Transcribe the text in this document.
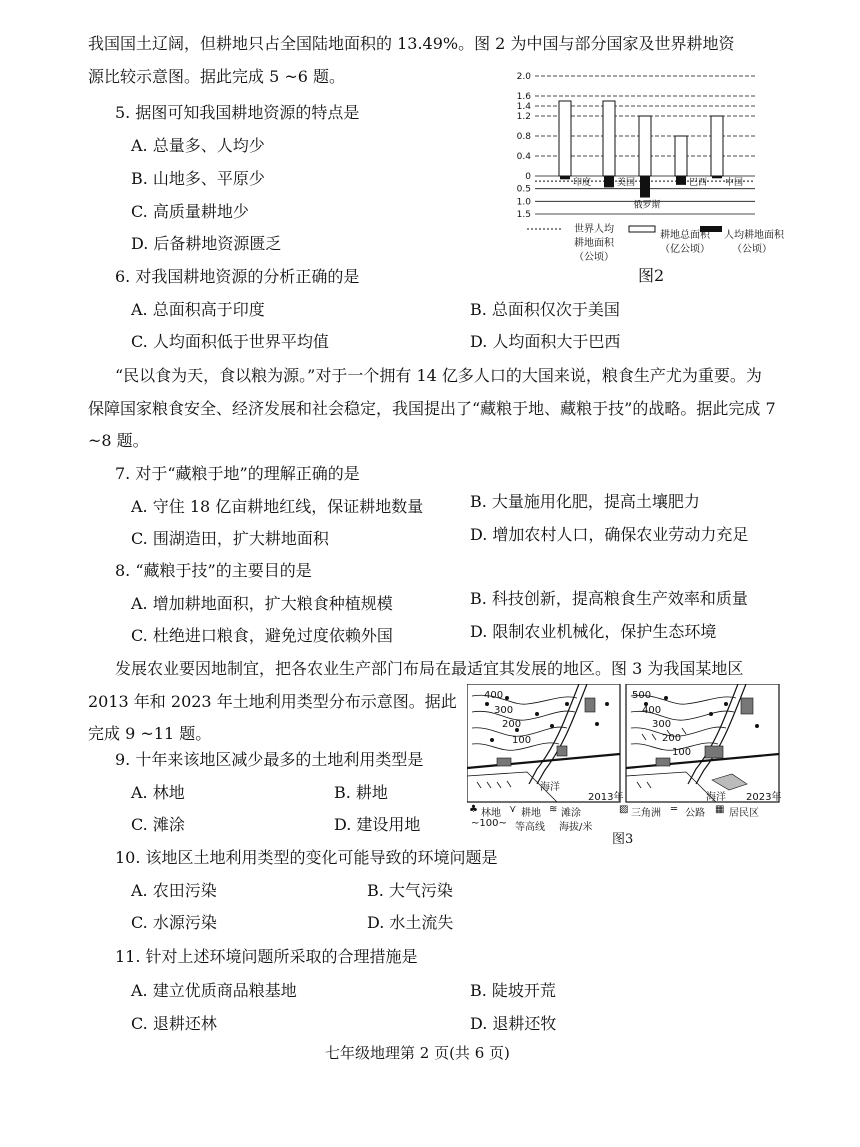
我国国土辽阔，但耕地只占全国陆地面积的 13.49%。图 2 为中国与部分国家及世界耕地资
源比较示意图。据此完成 5 ~6 题。
5. 据图可知我国耕地资源的特点是
A. 总量多、人均少
B. 山地多、平原少
C. 高质量耕地少
D. 后备耕地资源匮乏
2.0
1.6
1.4
1.2
0.8
0.4
0
0.5
1.0
1.5
印度	美国
俄罗斯
巴西 中国
世界人均
耕地面积
（公顷）
耕地总面积
（亿公顷）
人均耕地面积
（公顷）
图2
6. 对我国耕地资源的分析正确的是
A. 总面积高于印度	B. 总面积仅次于美国
C. 人均面积低于世界平均值	D. 人均面积大于巴西
“民以食为天，食以粮为源。”对于一个拥有 14 亿多人口的大国来说，粮食生产尤为重要。为
保障国家粮食安全、经济发展和社会稳定，我国提出了“藏粮于地、藏粮于技”的战略。据此完成 7
~8 题。
7. 对于“藏粮于地”的理解正确的是
A. 守住 18 亿亩耕地红线，保证耕地数量	B. 大量施用化肥，提高土壤肥力
C. 围湖造田，扩大耕地面积	D. 增加农村人口，确保农业劳动力充足
8. “藏粮于技”的主要目的是
A. 增加耕地面积，扩大粮食种植规模	B. 科技创新，提高粮食生产效率和质量
C. 杜绝进口粮食，避免过度依赖外国	D. 限制农业机械化，保护生态环境
发展农业要因地制宜，把各农业生产部门布局在最适宜其发展的地区。图 3 为我国某地区
2013 年和 2023 年土地利用类型分布示意图。据此
完成 9 ~11 题。
400
300
200
100
海洋
2013年
500
400
300
200
100
海洋 2023年
♣ 林地 ⋎ 耕地 ≋ 滩涂	▨ 三角洲 ═ 公路 ▦ 居民区
~100~ 等高线 海拔/米
图3
9. 十年来该地区减少最多的土地利用类型是
A. 林地	B. 耕地
C. 滩涂	D. 建设用地
10. 该地区土地利用类型的变化可能导致的环境问题是
A. 农田污染	B. 大气污染
C. 水源污染	D. 水土流失
11. 针对上述环境问题所采取的合理措施是
A. 建立优质商品粮基地	B. 陡坡开荒
C. 退耕还林	D. 退耕还牧
七年级地理第 2 页(共 6 页)
